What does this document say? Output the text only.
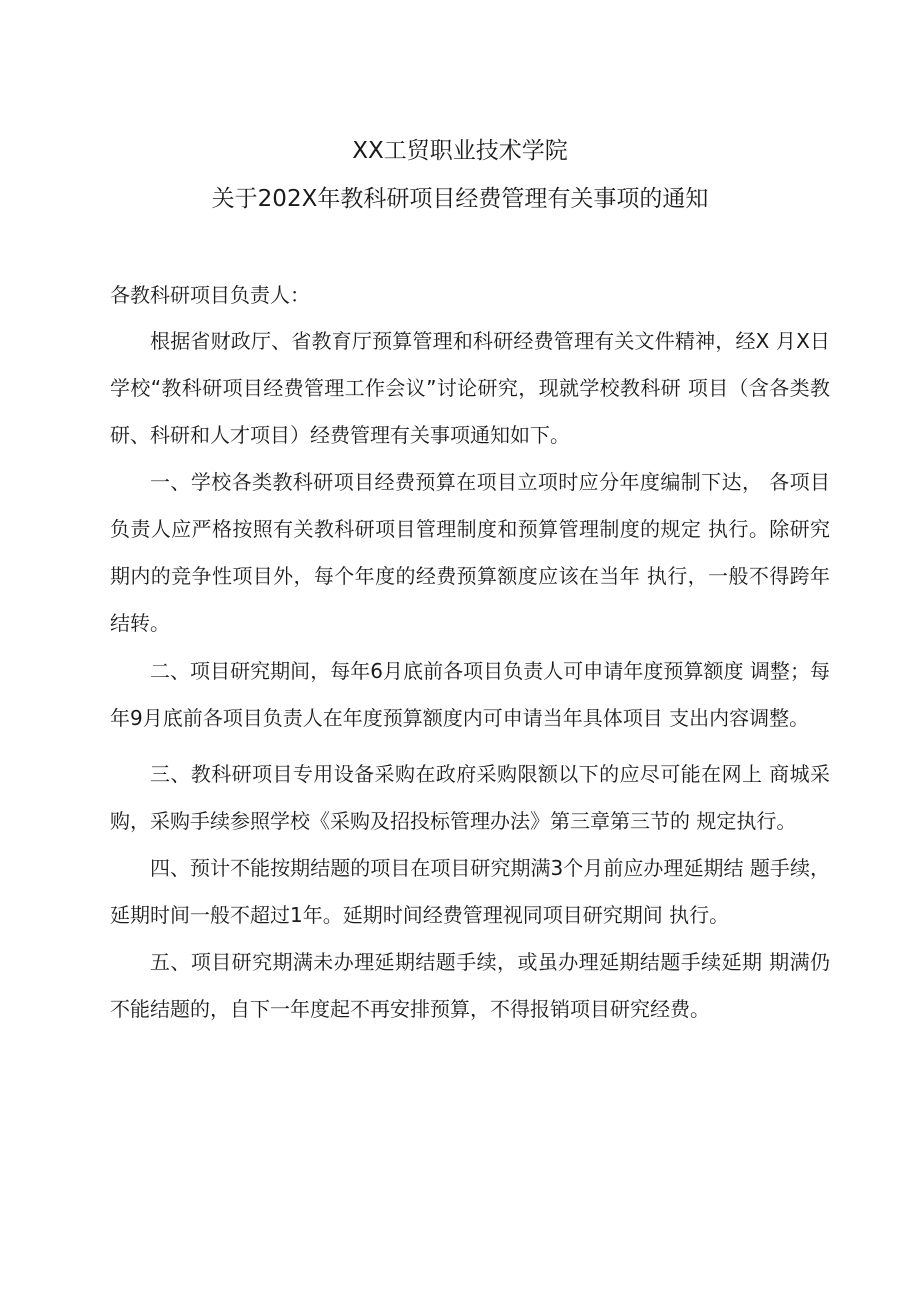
XX工贸职业技术学院
关于202X年教科研项目经费管理有关事项的通知
各教科研项目负责人：

根据省财政厅、省教育厅预算管理和科研经费管理有关文件精神，经X 月X日学校“教科研项目经费管理工作会议”讨论研究，现就学校教科研 项目（含各类教研、科研和人才项目）经费管理有关事项通知如下。

一、学校各类教科研项目经费预算在项目立项时应分年度编制下达， 各项目负责人应严格按照有关教科研项目管理制度和预算管理制度的规定 执行。除研究期内的竞争性项目外，每个年度的经费预算额度应该在当年 执行，一般不得跨年结转。

二、项目研究期间，每年6月底前各项目负责人可申请年度预算额度 调整；每年9月底前各项目负责人在年度预算额度内可申请当年具体项目 支出内容调整。

三、教科研项目专用设备采购在政府采购限额以下的应尽可能在网上 商城采购，采购手续参照学校《采购及招投标管理办法》第三章第三节的 规定执行。

四、预计不能按期结题的项目在项目研究期满3个月前应办理延期结 题手续，延期时间一般不超过1年。延期时间经费管理视同项目研究期间 执行。

五、项目研究期满未办理延期结题手续，或虽办理延期结题手续延期 期满仍不能结题的，自下一年度起不再安排预算，不得报销项目研究经费。
